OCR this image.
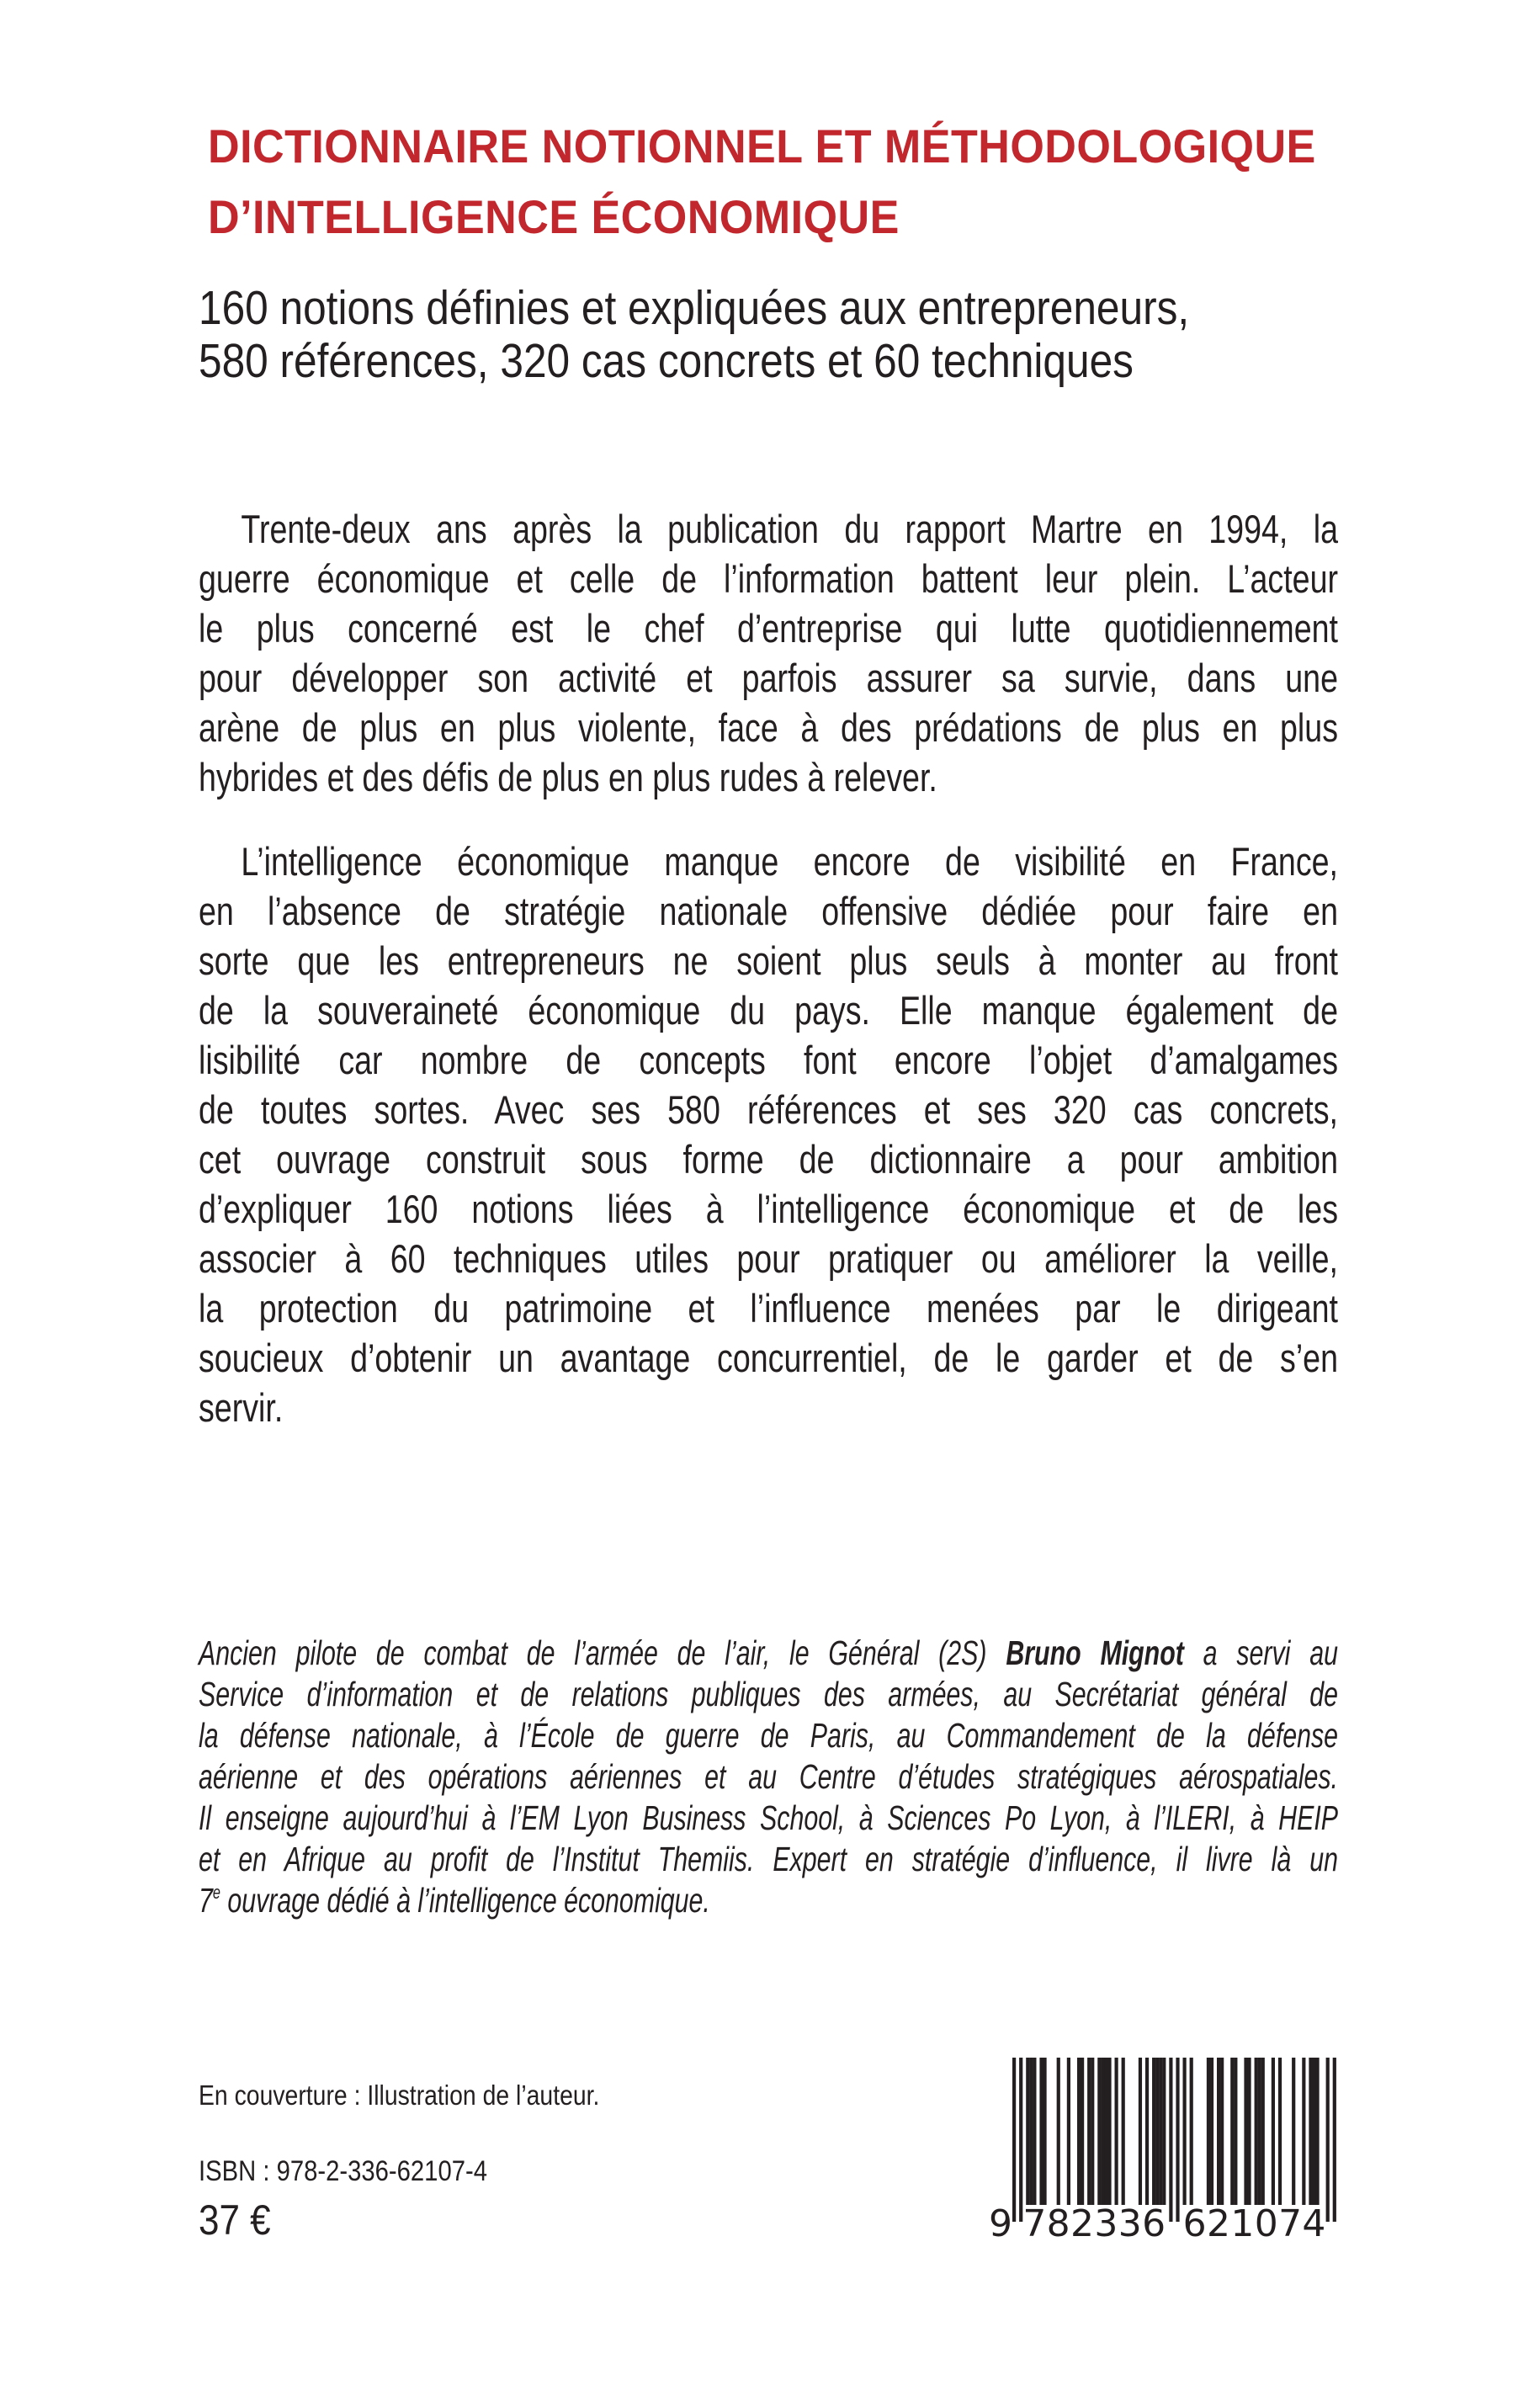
DICTIONNAIRE NOTIONNEL ET MÉTHODOLOGIQUE
D’INTELLIGENCE ÉCONOMIQUE
160 notions définies et expliquées aux entrepreneurs,
580 références, 320 cas concrets et 60 techniques
Trente-deux ans après la publication du rapport Martre en 1994, la
guerre économique et celle de l’information battent leur plein. L’acteur
le plus concerné est le chef d’entreprise qui lutte quotidiennement
pour développer son activité et parfois assurer sa survie, dans une
arène de plus en plus violente, face à des prédations de plus en plus
hybrides et des défis de plus en plus rudes à relever.
L’intelligence économique manque encore de visibilité en France,
en l’absence de stratégie nationale offensive dédiée pour faire en
sorte que les entrepreneurs ne soient plus seuls à monter au front
de la souveraineté économique du pays. Elle manque également de
lisibilité car nombre de concepts font encore l’objet d’amalgames
de toutes sortes. Avec ses 580 références et ses 320 cas concrets,
cet ouvrage construit sous forme de dictionnaire a pour ambition
d’expliquer 160 notions liées à l’intelligence économique et de les
associer à 60 techniques utiles pour pratiquer ou améliorer la veille,
la protection du patrimoine et l’influence menées par le dirigeant
soucieux d’obtenir un avantage concurrentiel, de le garder et de s’en
servir.
Ancien pilote de combat de l’armée de l’air, le Général (2S) Bruno Mignot a servi au
Service d’information et de relations publiques des armées, au Secrétariat général de
la défense nationale, à l’École de guerre de Paris, au Commandement de la défense
aérienne et des opérations aériennes et au Centre d’études stratégiques aérospatiales.
Il enseigne aujourd’hui à l’EM Lyon Business School, à Sciences Po Lyon, à l’ILERI, à HEIP
et en Afrique au profit de l’Institut Themiis. Expert en stratégie d’influence, il livre là un
7e ouvrage dédié à l’intelligence économique.
En couverture : Illustration de l’auteur.
ISBN : 978-2-336-62107-4
37 €	9 7 8 2 3 3 6 6 2 1 0 7 4
